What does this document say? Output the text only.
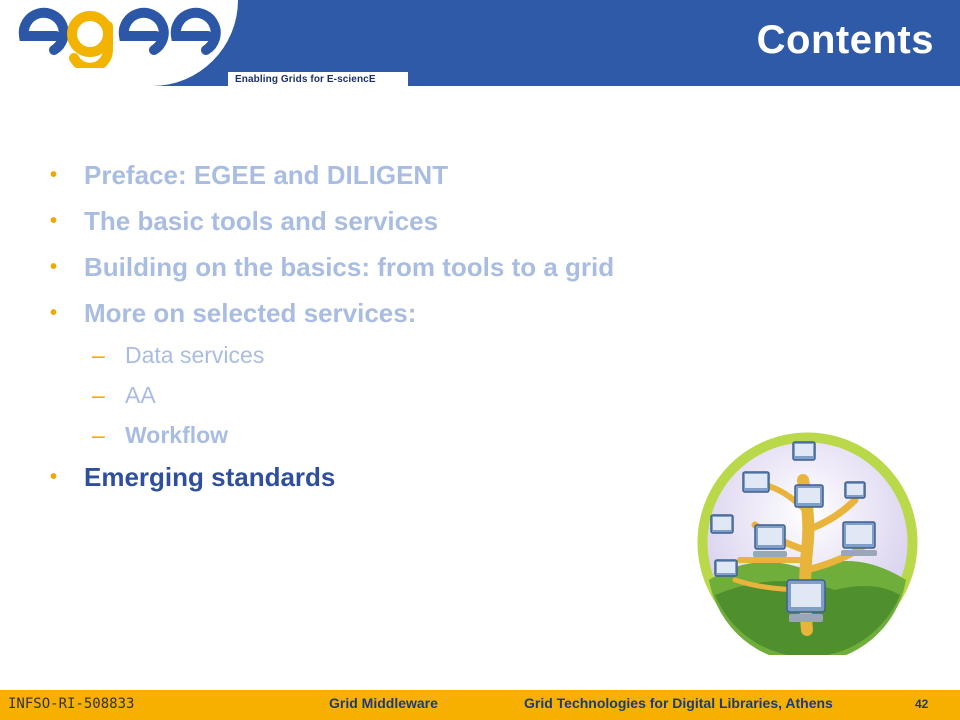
Enabling Grids for E-sciencE
Contents
• Preface: EGEE and DILIGENT
• The basic tools and services
• Building on the basics: from tools to a grid
• More on selected services:
– Data services
– AA
– Workflow
• Emerging standards
INFSO-RI-508833	Grid Middleware	Grid Technologies for Digital Libraries, Athens	42
